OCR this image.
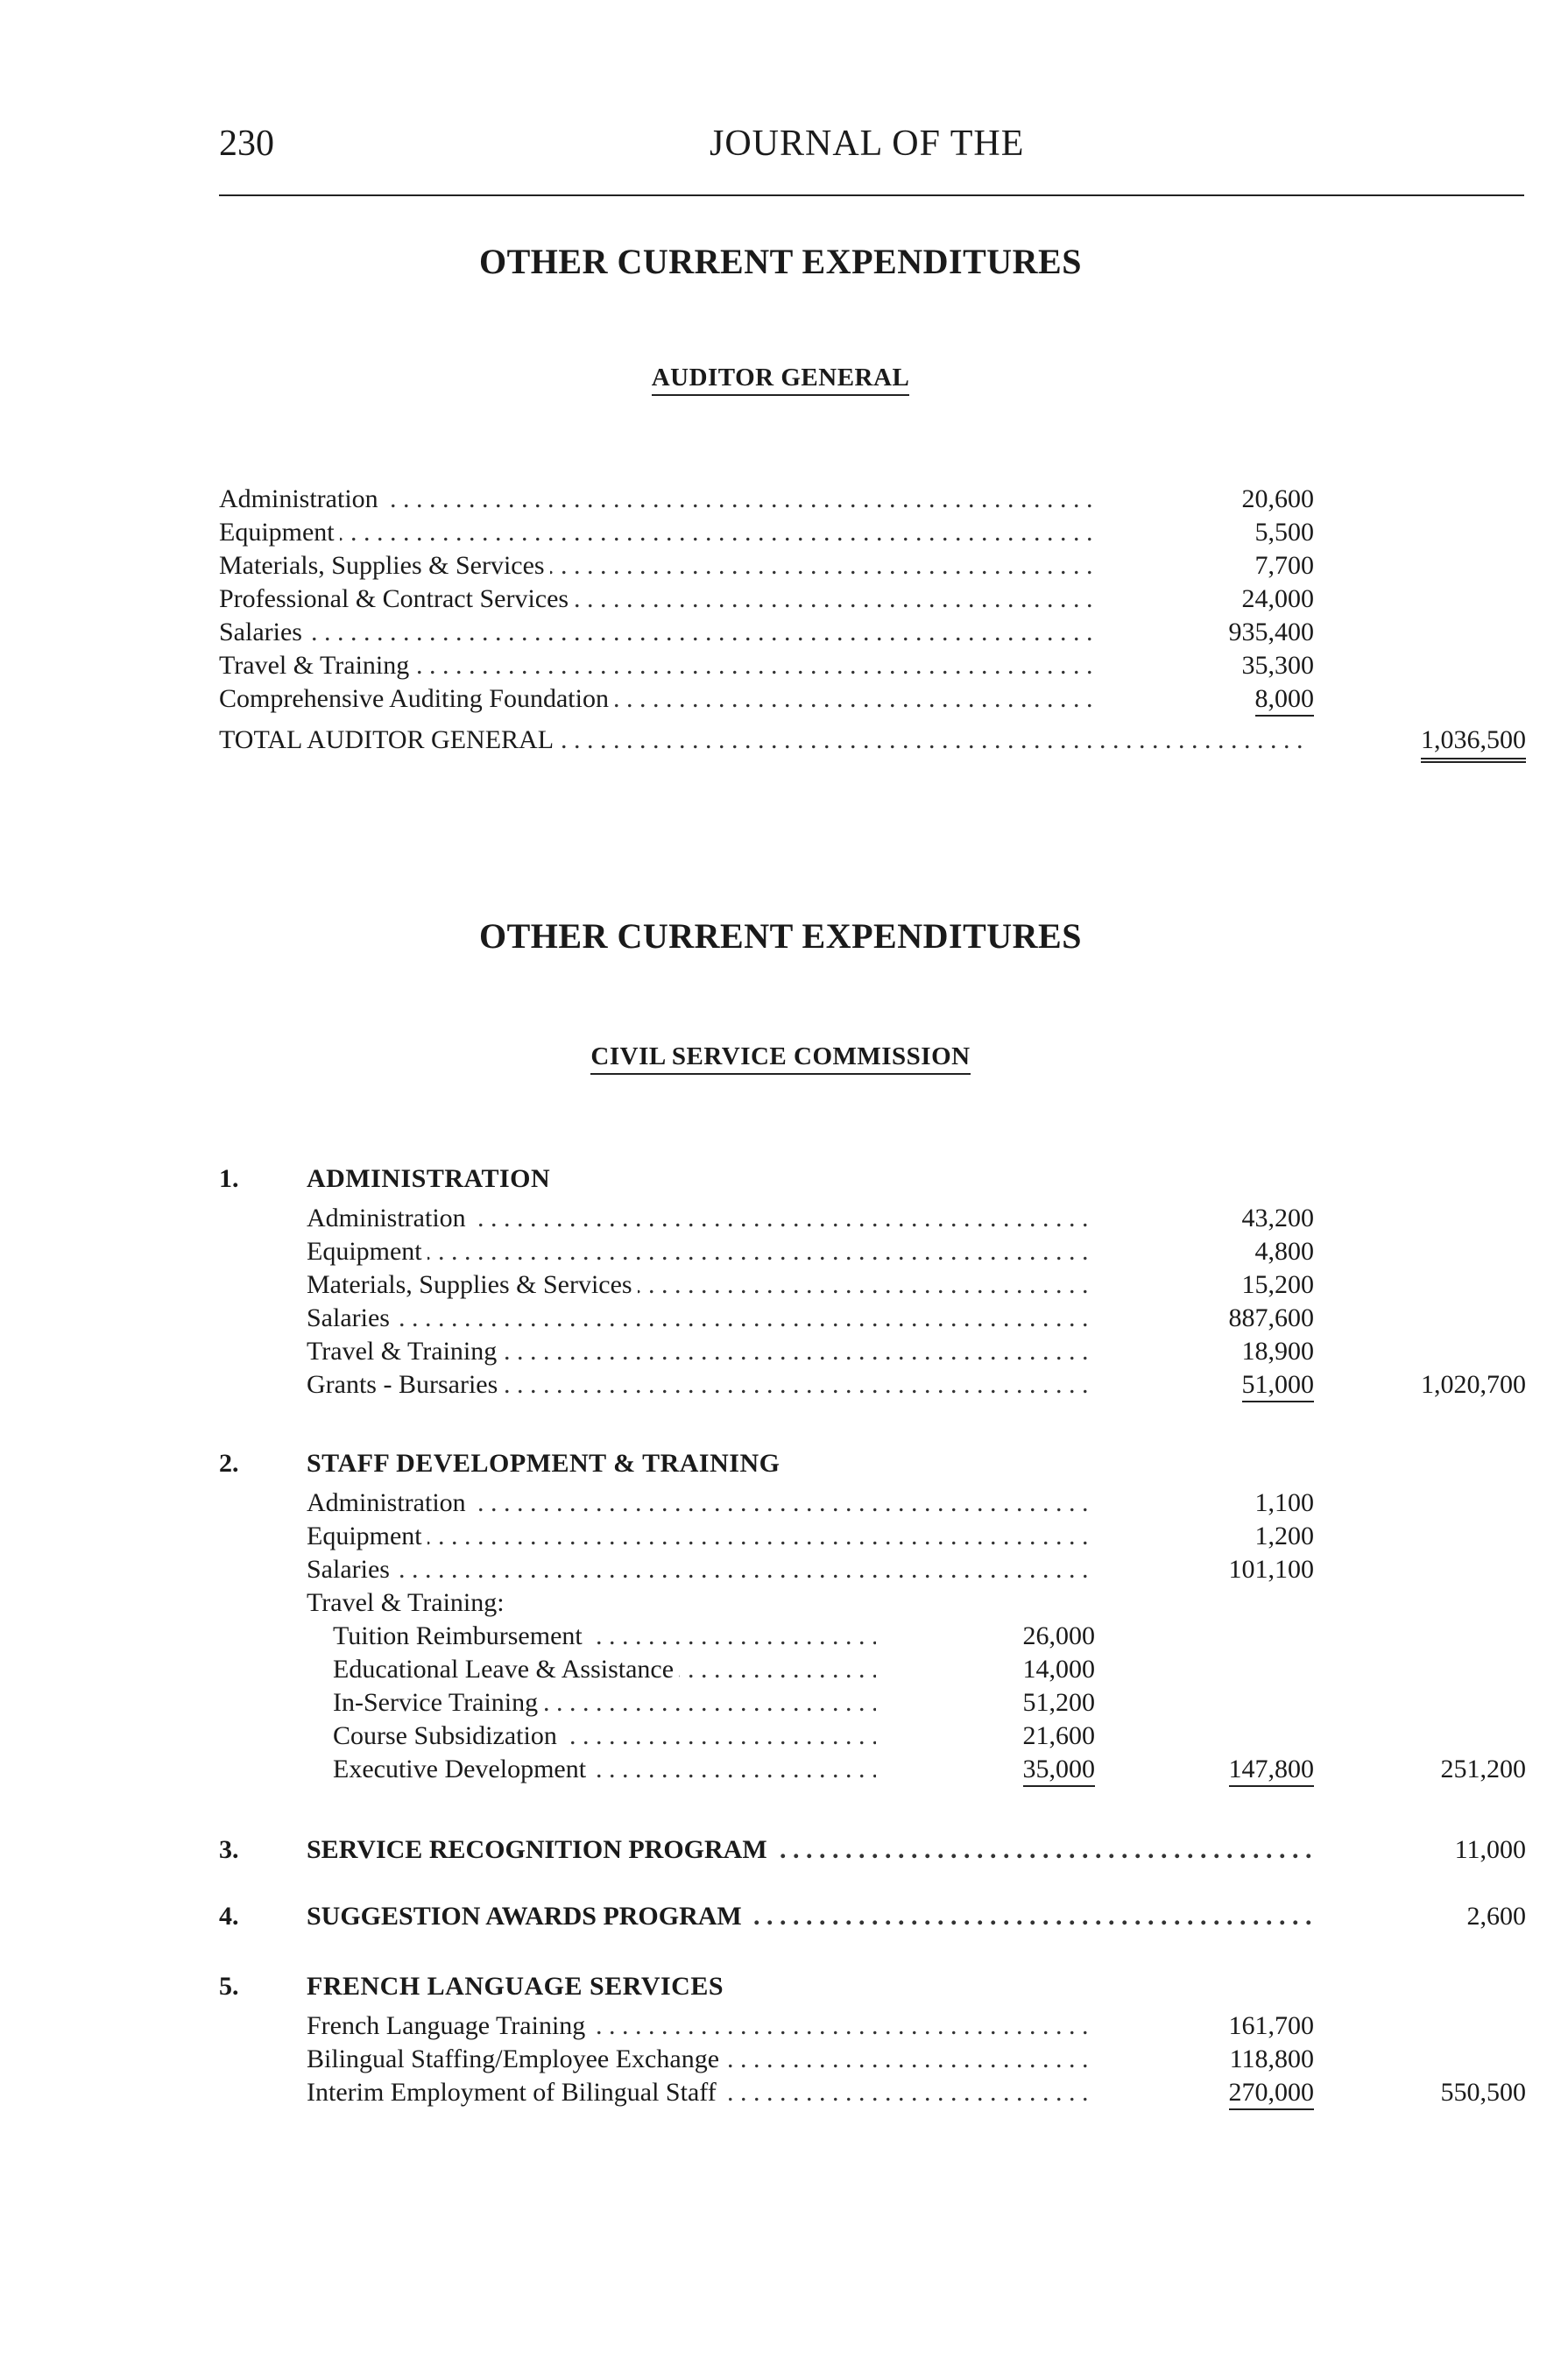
230	JOURNAL OF THE
OTHER CURRENT EXPENDITURES
AUDITOR GENERAL
Administration . . .	20,600
Equipment . . .	5,500
Materials, Supplies & Services . . .	7,700
Professional & Contract Services . . .	24,000
Salaries . . .	935,400
Travel & Training . . .	35,300
Comprehensive Auditing Foundation . . .	8,000
TOTAL AUDITOR GENERAL . . .	1,036,500
OTHER CURRENT EXPENDITURES
CIVIL SERVICE COMMISSION
1.	ADMINISTRATION
Administration . . .	43,200
Equipment . . .	4,800
Materials, Supplies & Services . . .	15,200
Salaries . . .	887,600
Travel & Training . . .	18,900
Grants - Bursaries . . .	51,000	1,020,700
2.	STAFF DEVELOPMENT & TRAINING
Administration . . .	1,100
Equipment . . .	1,200
Salaries . . .	101,100
Travel & Training:
Tuition Reimbursement . . .	26,000
Educational Leave & Assistance . . .	14,000
In-Service Training . . .	51,200
Course Subsidization . . .	21,600
Executive Development . . .	35,000	147,800	251,200
3.	SERVICE RECOGNITION PROGRAM . . .	11,000
4.	SUGGESTION AWARDS PROGRAM . . .	2,600
5.	FRENCH LANGUAGE SERVICES
French Language Training . . .	161,700
Bilingual Staffing/Employee Exchange . . .	118,800
Interim Employment of Bilingual Staff . . .	270,000	550,500
